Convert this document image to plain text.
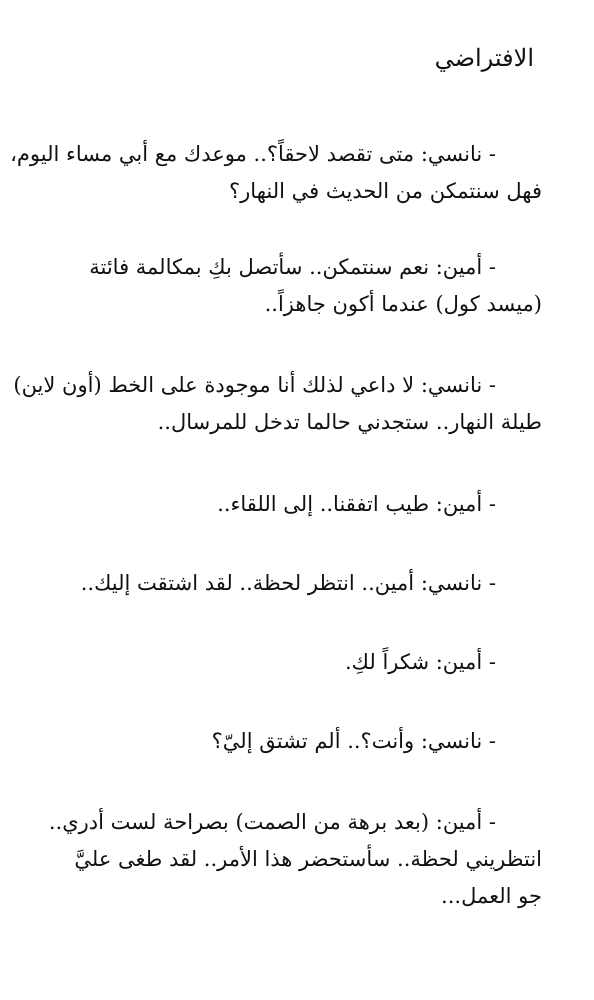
الافتراضي
- نانسي: متى تقصد لاحقاً؟.. موعدك مع أبي مساء اليوم،
فهل سنتمكن من الحديث في النهار؟
- أمين: نعم سنتمكن.. سأتصل بكِ بمكالمة فائتة
(ميسد كول) عندما أكون جاهزاً..
- نانسي: لا داعي لذلك أنا موجودة على الخط (أون لاين)
طيلة النهار.. ستجدني حالما تدخل للمرسال..
- أمين: طيب اتفقنا.. إلى اللقاء..
- نانسي: أمين.. انتظر لحظة.. لقد اشتقت إليك..
- أمين: شكراً لكِ.
- نانسي: وأنت؟.. ألم تشتق إليّ؟
- أمين: (بعد برهة من الصمت) بصراحة لست أدري..
انتظريني لحظة.. سأستحضر هذا الأمر.. لقد طغى عليَّ
جو العمل...
